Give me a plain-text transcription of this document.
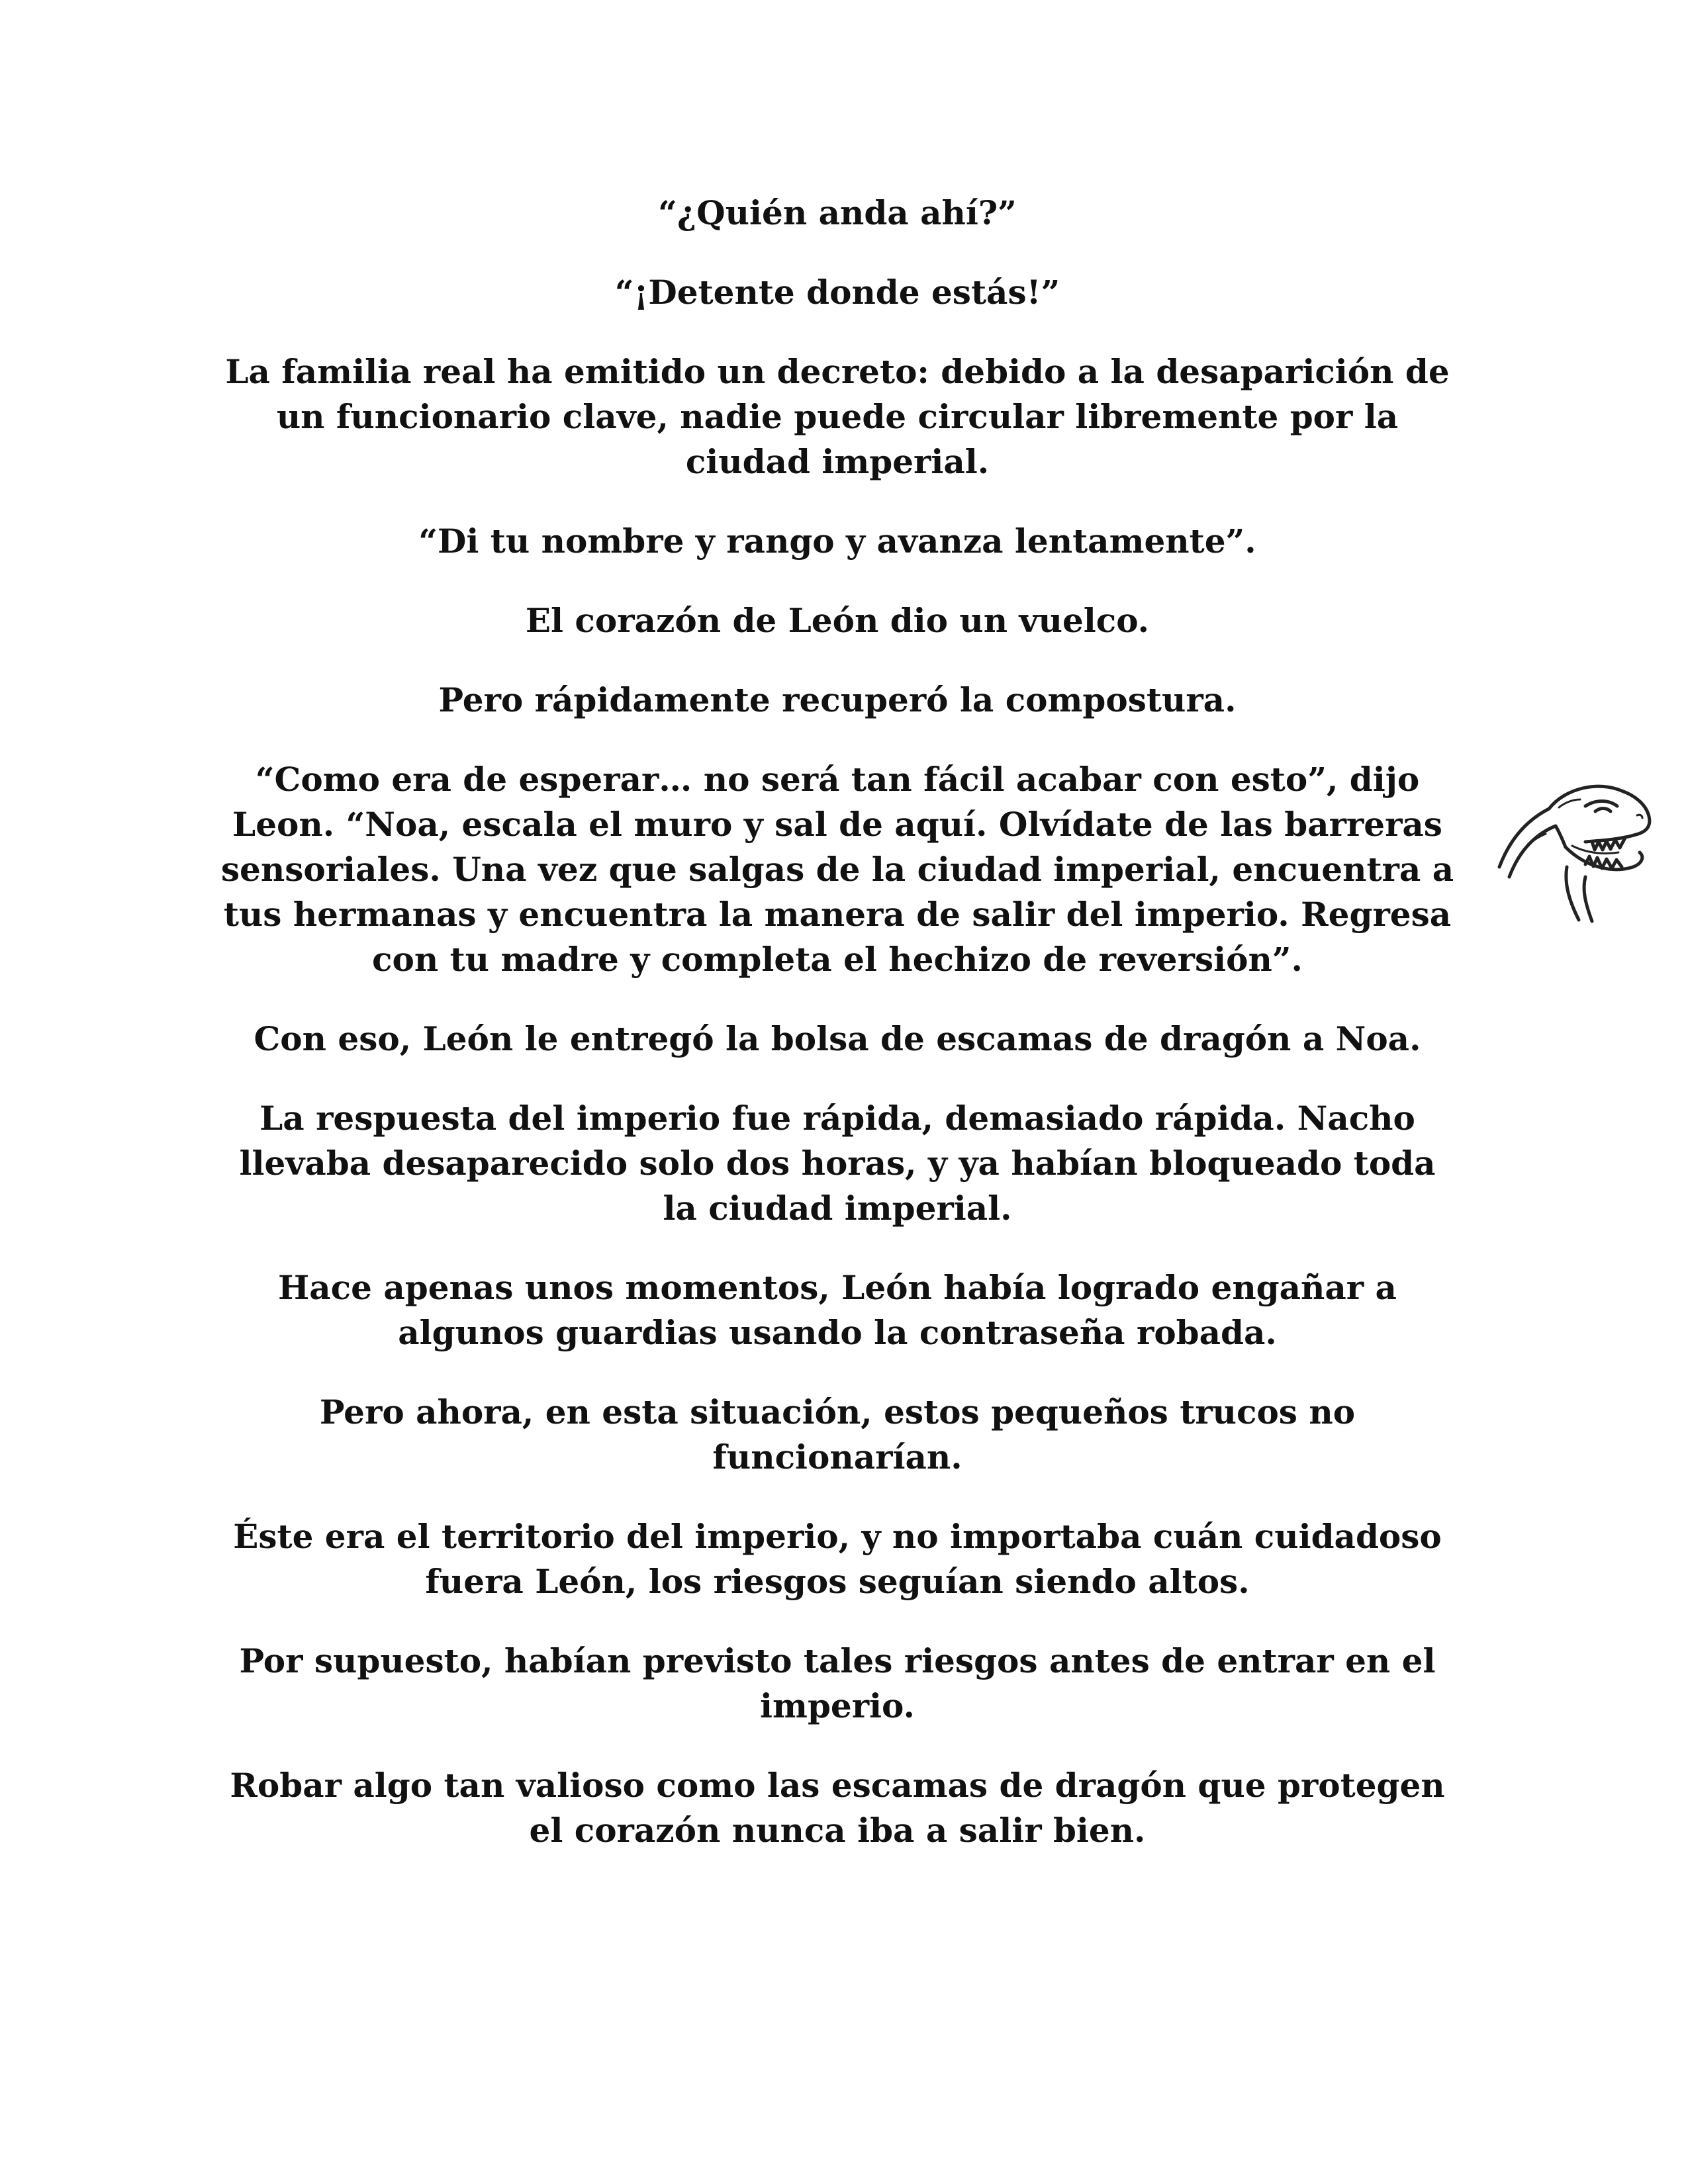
“¿Quién anda ahí?”

“¡Detente donde estás!”

La familia real ha emitido un decreto: debido a la desaparición de un funcionario clave, nadie puede circular libremente por la ciudad imperial.

“Di tu nombre y rango y avanza lentamente”.

El corazón de León dio un vuelco.

Pero rápidamente recuperó la compostura.

“Como era de esperar… no será tan fácil acabar con esto”, dijo Leon. “Noa, escala el muro y sal de aquí. Olvídate de las barreras sensoriales. Una vez que salgas de la ciudad imperial, encuentra a tus hermanas y encuentra la manera de salir del imperio. Regresa con tu madre y completa el hechizo de reversión”.

Con eso, León le entregó la bolsa de escamas de dragón a Noa.

La respuesta del imperio fue rápida, demasiado rápida. Nacho llevaba desaparecido solo dos horas, y ya habían bloqueado toda la ciudad imperial.

Hace apenas unos momentos, León había logrado engañar a algunos guardias usando la contraseña robada.

Pero ahora, en esta situación, estos pequeños trucos no funcionarían.

Éste era el territorio del imperio, y no importaba cuán cuidadoso fuera León, los riesgos seguían siendo altos.

Por supuesto, habían previsto tales riesgos antes de entrar en el imperio.

Robar algo tan valioso como las escamas de dragón que protegen el corazón nunca iba a salir bien.
